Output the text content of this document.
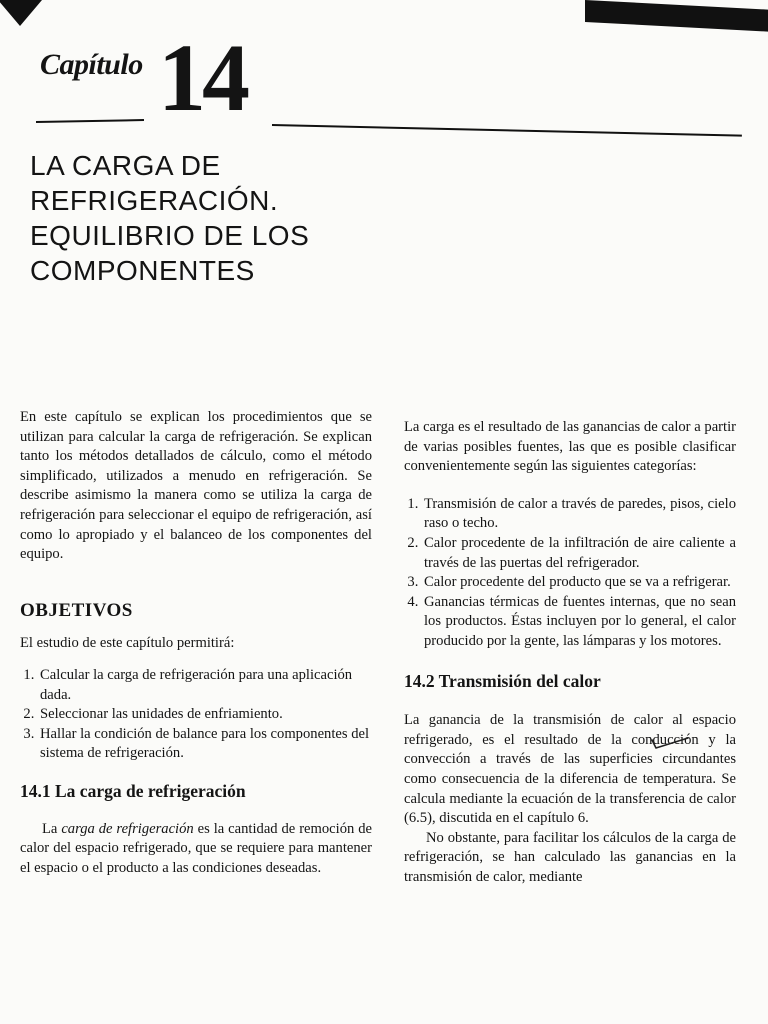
Capítulo 14
LA CARGA DE
REFRIGERACIÓN.
EQUILIBRIO DE LOS
COMPONENTES

En este capítulo se explican los procedimientos que se utilizan para calcular la carga de refrigeración. Se explican tanto los métodos detallados de cálculo, como el método simplificado, utilizados a menudo en refrigeración. Se describe asimismo la manera como se utiliza la carga de refrigeración para seleccionar el equipo de refrigeración, así como lo apropiado y el balanceo de los componentes del equipo.

OBJETIVOS

El estudio de este capítulo permitirá:

1. Calcular la carga de refrigeración para una aplicación dada.
2. Seleccionar las unidades de enfriamiento.
3. Hallar la condición de balance para los componentes del sistema de refrigeración.
14.1 La carga de refrigeración

La carga de refrigeración es la cantidad de remoción de calor del espacio refrigerado, que se requiere para mantener el espacio o el producto a las condiciones deseadas.

La carga es el resultado de las ganancias de calor a partir de varias posibles fuentes, las que es posible clasificar convenientemente según las siguientes categorías:

1. Transmisión de calor a través de paredes, pisos, cielo raso o techo.
2. Calor procedente de la infiltración de aire caliente a través de las puertas del refrigerador.
3. Calor procedente del producto que se va a refrigerar.
4. Ganancias térmicas de fuentes internas, que no sean los productos. Éstas incluyen por lo general, el calor producido por la gente, las lámparas y los motores.
14.2 Transmisión del calor

La ganancia de la transmisión de calor al espacio refrigerado, es el resultado de la conducción y la convección a través de las superficies circundantes como consecuencia de la diferencia de temperatura. Se calcula mediante la ecuación de la transferencia de calor (6.5), discutida en el capítulo 6.

No obstante, para facilitar los cálculos de la carga de refrigeración, se han calculado las ganancias en la transmisión de calor, mediante
